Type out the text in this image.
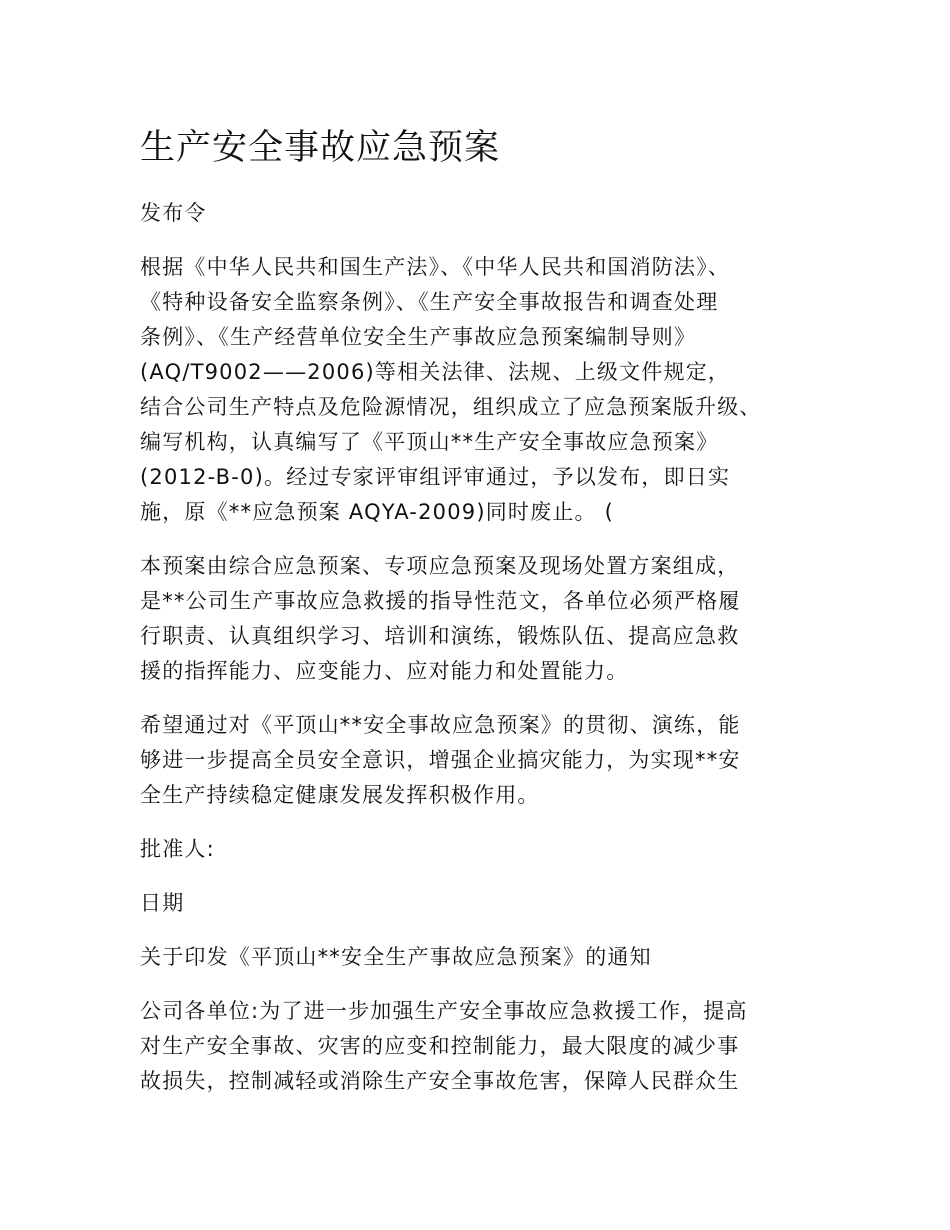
生产安全事故应急预案
发布令
根据《中华人民共和国生产法》、《中华人民共和国消防法》、
《特种设备安全监察条例》、《生产安全事故报告和调查处理
条例》、《生产经营单位安全生产事故应急预案编制导则》
(AQ/T9002——2006)等相关法律、法规、上级文件规定，
结合公司生产特点及危险源情况，组织成立了应急预案版升级、
编写机构，认真编写了《平顶山**生产安全事故应急预案》
(2012-B-0)。经过专家评审组评审通过，予以发布，即日实
施，原《**应急预案 AQYA-2009)同时废止。 (
本预案由综合应急预案、专项应急预案及现场处置方案组成，
是**公司生产事故应急救援的指导性范文，各单位必须严格履
行职责、认真组织学习、培训和演练，锻炼队伍、提高应急救
援的指挥能力、应变能力、应对能力和处置能力。
希望通过对《平顶山**安全事故应急预案》的贯彻、演练，能
够进一步提高全员安全意识，增强企业搞灾能力，为实现**安
全生产持续稳定健康发展发挥积极作用。
批准人:
日期
关于印发《平顶山**安全生产事故应急预案》的通知
公司各单位:为了进一步加强生产安全事故应急救援工作，提高
对生产安全事故、灾害的应变和控制能力，最大限度的减少事
故损失，控制减轻或消除生产安全事故危害，保障人民群众生
